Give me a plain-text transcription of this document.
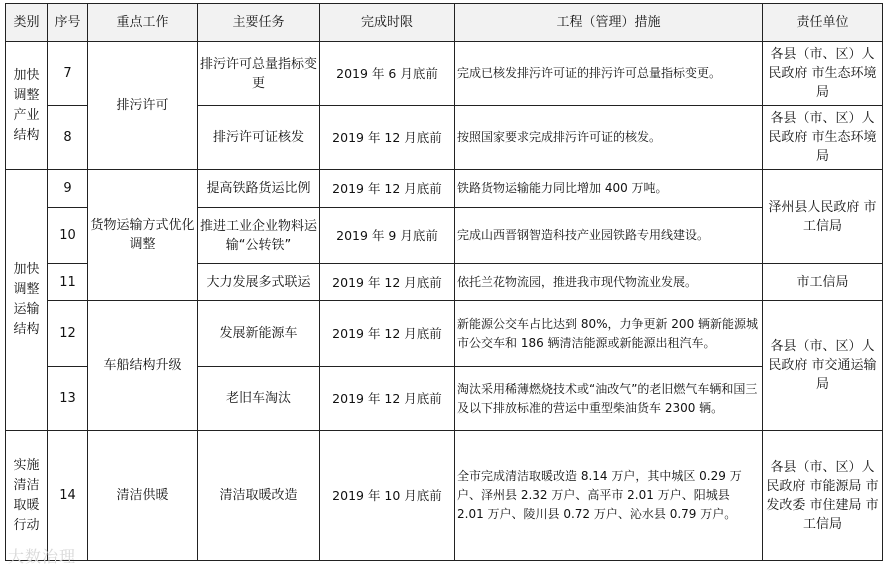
类别	序号	重点工作	主要任务	完成时限	工程（管理）措施	责任单位
加快调整产业结构	7	排污许可	排污许可总量指标变更	2019 年 6 月底前	完成已核发排污许可证的排污许可总量指标变更。	各县（市、区）人民政府 市生态环境局
	8		排污许可证核发	2019 年 12 月底前	按照国家要求完成排污许可证的核发。	各县（市、区）人民政府 市生态环境局
加快调整运输结构	9	货物运输方式优化调整	提高铁路货运比例	2019 年 12 月底前	铁路货物运输能力同比增加 400 万吨。	泽州县人民政府 市工信局
	10		推进工业企业物料运输“公转铁”	2019 年 9 月底前	完成山西晋钢智造科技产业园铁路专用线建设。	
	11		大力发展多式联运	2019 年 12 月底前	依托兰花物流园，推进我市现代物流业发展。	市工信局
	12	车船结构升级	发展新能源车	2019 年 12 月底前	新能源公交车占比达到 80%，力争更新 200 辆新能源城市公交车和 186 辆清洁能源或新能源出租汽车。	各县（市、区）人民政府 市交通运输局
	13		老旧车淘汰	2019 年 12 月底前	淘汰采用稀薄燃烧技术或“油改气”的老旧燃气车辆和国三及以下排放标准的营运中重型柴油货车 2300 辆。	
实施清洁取暖行动	14	清洁供暖	清洁取暖改造	2019 年 10 月底前	全市完成清洁取暖改造 8.14 万户，其中城区 0.29 万户、泽州县 2.32 万户、高平市 2.01 万户、阳城县 2.01 万户、陵川县 0.72 万户、沁水县 0.79 万户。	各县（市、区）人民政府 市能源局 市发改委 市住建局 市工信局
大数治理
